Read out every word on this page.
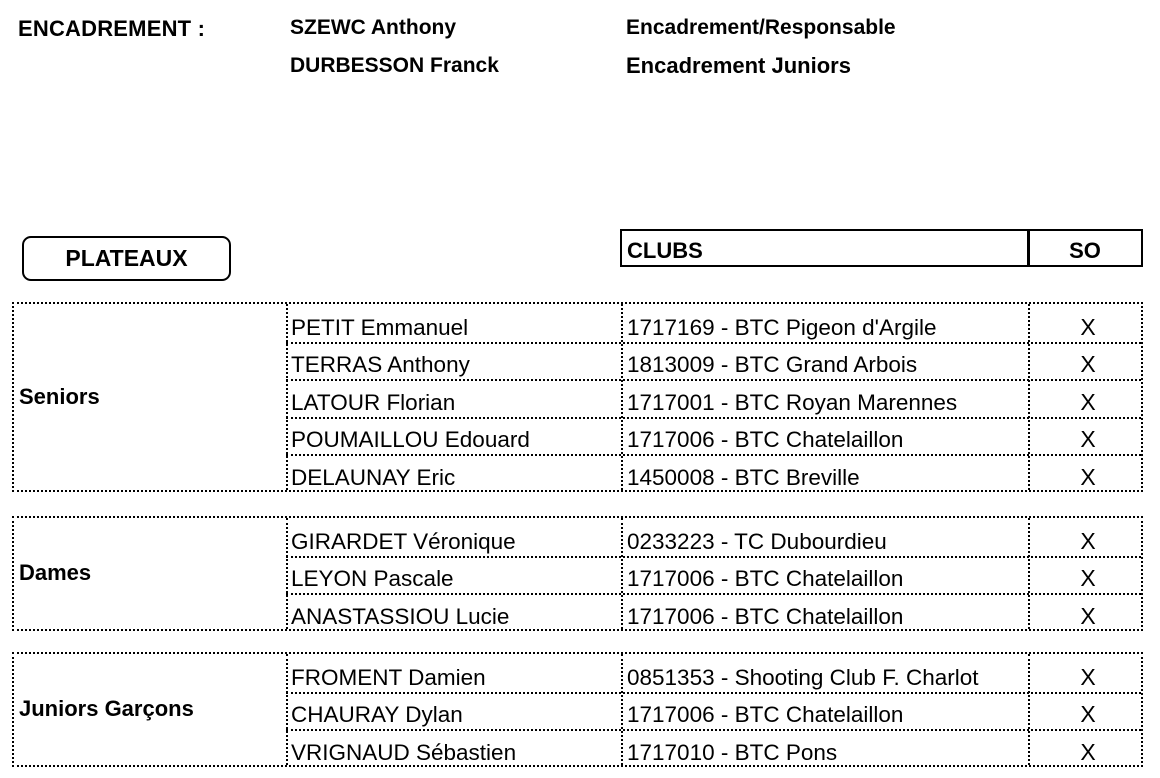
ENCADREMENT :	SZEWC Anthony	Encadrement/Responsable
DURBESSON Franck	Encadrement Juniors
PLATEAUX	CLUBS	SO
Seniors
PETIT Emmanuel	1717169 - BTC Pigeon d'Argile	X
TERRAS Anthony	1813009 - BTC Grand Arbois	X
LATOUR Florian	1717001 - BTC Royan Marennes	X
POUMAILLOU Edouard	1717006 - BTC Chatelaillon	X
DELAUNAY Eric	1450008 - BTC Breville	X
Dames
GIRARDET Véronique	0233223 - TC Dubourdieu	X
LEYON Pascale	1717006 - BTC Chatelaillon	X
ANASTASSIOU Lucie	1717006 - BTC Chatelaillon	X
Juniors Garçons
FROMENT Damien	0851353 - Shooting Club F. Charlot	X
CHAURAY Dylan	1717006 - BTC Chatelaillon	X
VRIGNAUD Sébastien	1717010 - BTC Pons	X
